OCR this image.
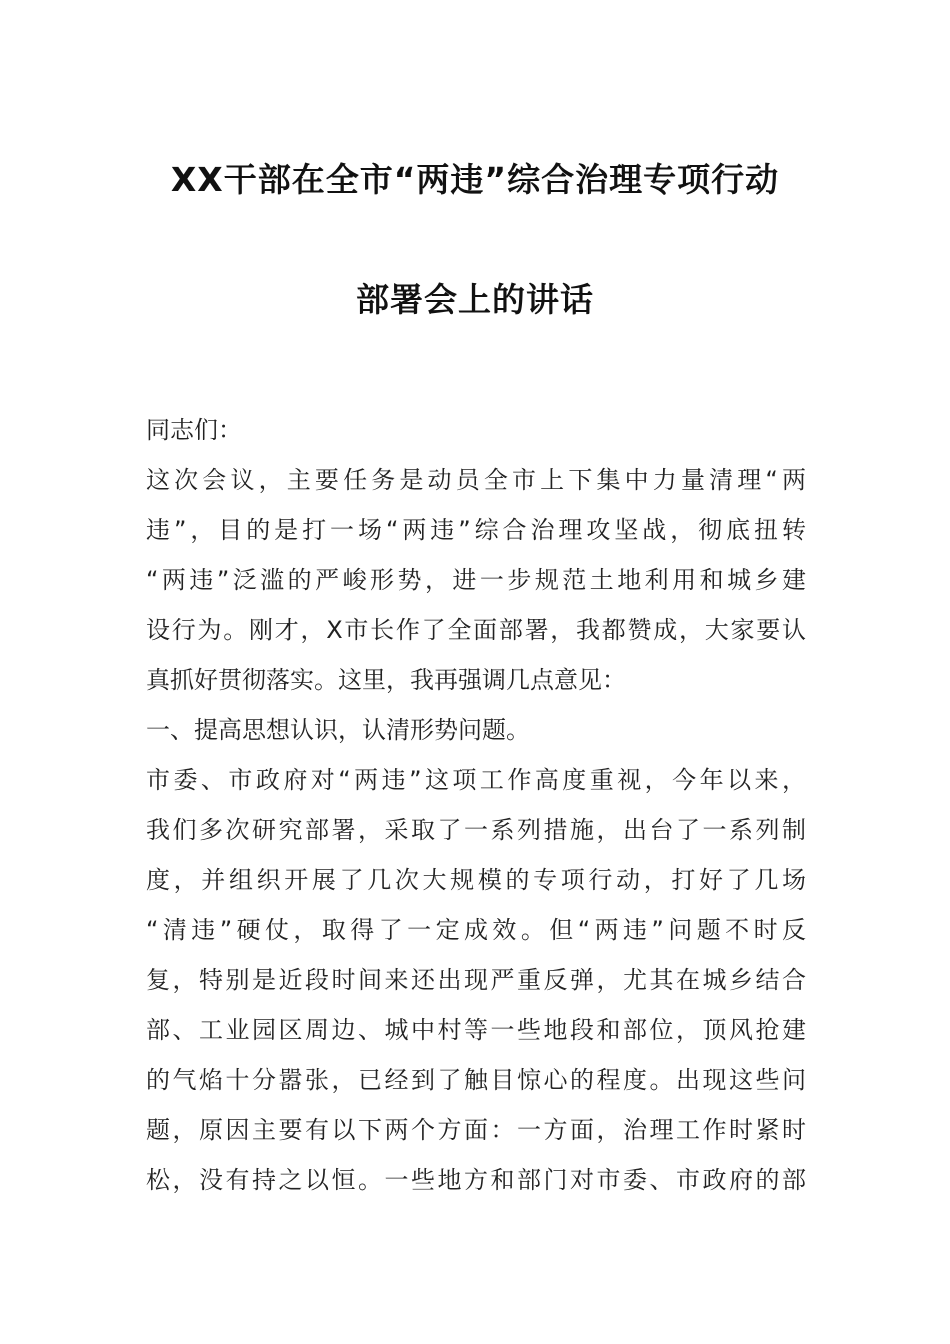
XX干部在全市“两违”综合治理专项行动
部署会上的讲话
同志们：
这次会议，主要任务是动员全市上下集中力量清理“两
违”，目的是打一场“两违”综合治理攻坚战，彻底扭转
“两违”泛滥的严峻形势，进一步规范土地利用和城乡建
设行为。刚才，X市长作了全面部署，我都赞成，大家要认
真抓好贯彻落实。这里，我再强调几点意见：
一、提高思想认识，认清形势问题。
市委、市政府对“两违”这项工作高度重视，今年以来，
我们多次研究部署，采取了一系列措施，出台了一系列制
度，并组织开展了几次大规模的专项行动，打好了几场
“清违”硬仗，取得了一定成效。但“两违”问题不时反
复，特别是近段时间来还出现严重反弹，尤其在城乡结合
部、工业园区周边、城中村等一些地段和部位，顶风抢建
的气焰十分嚣张，已经到了触目惊心的程度。出现这些问
题，原因主要有以下两个方面：一方面，治理工作时紧时
松，没有持之以恒。一些地方和部门对市委、市政府的部
